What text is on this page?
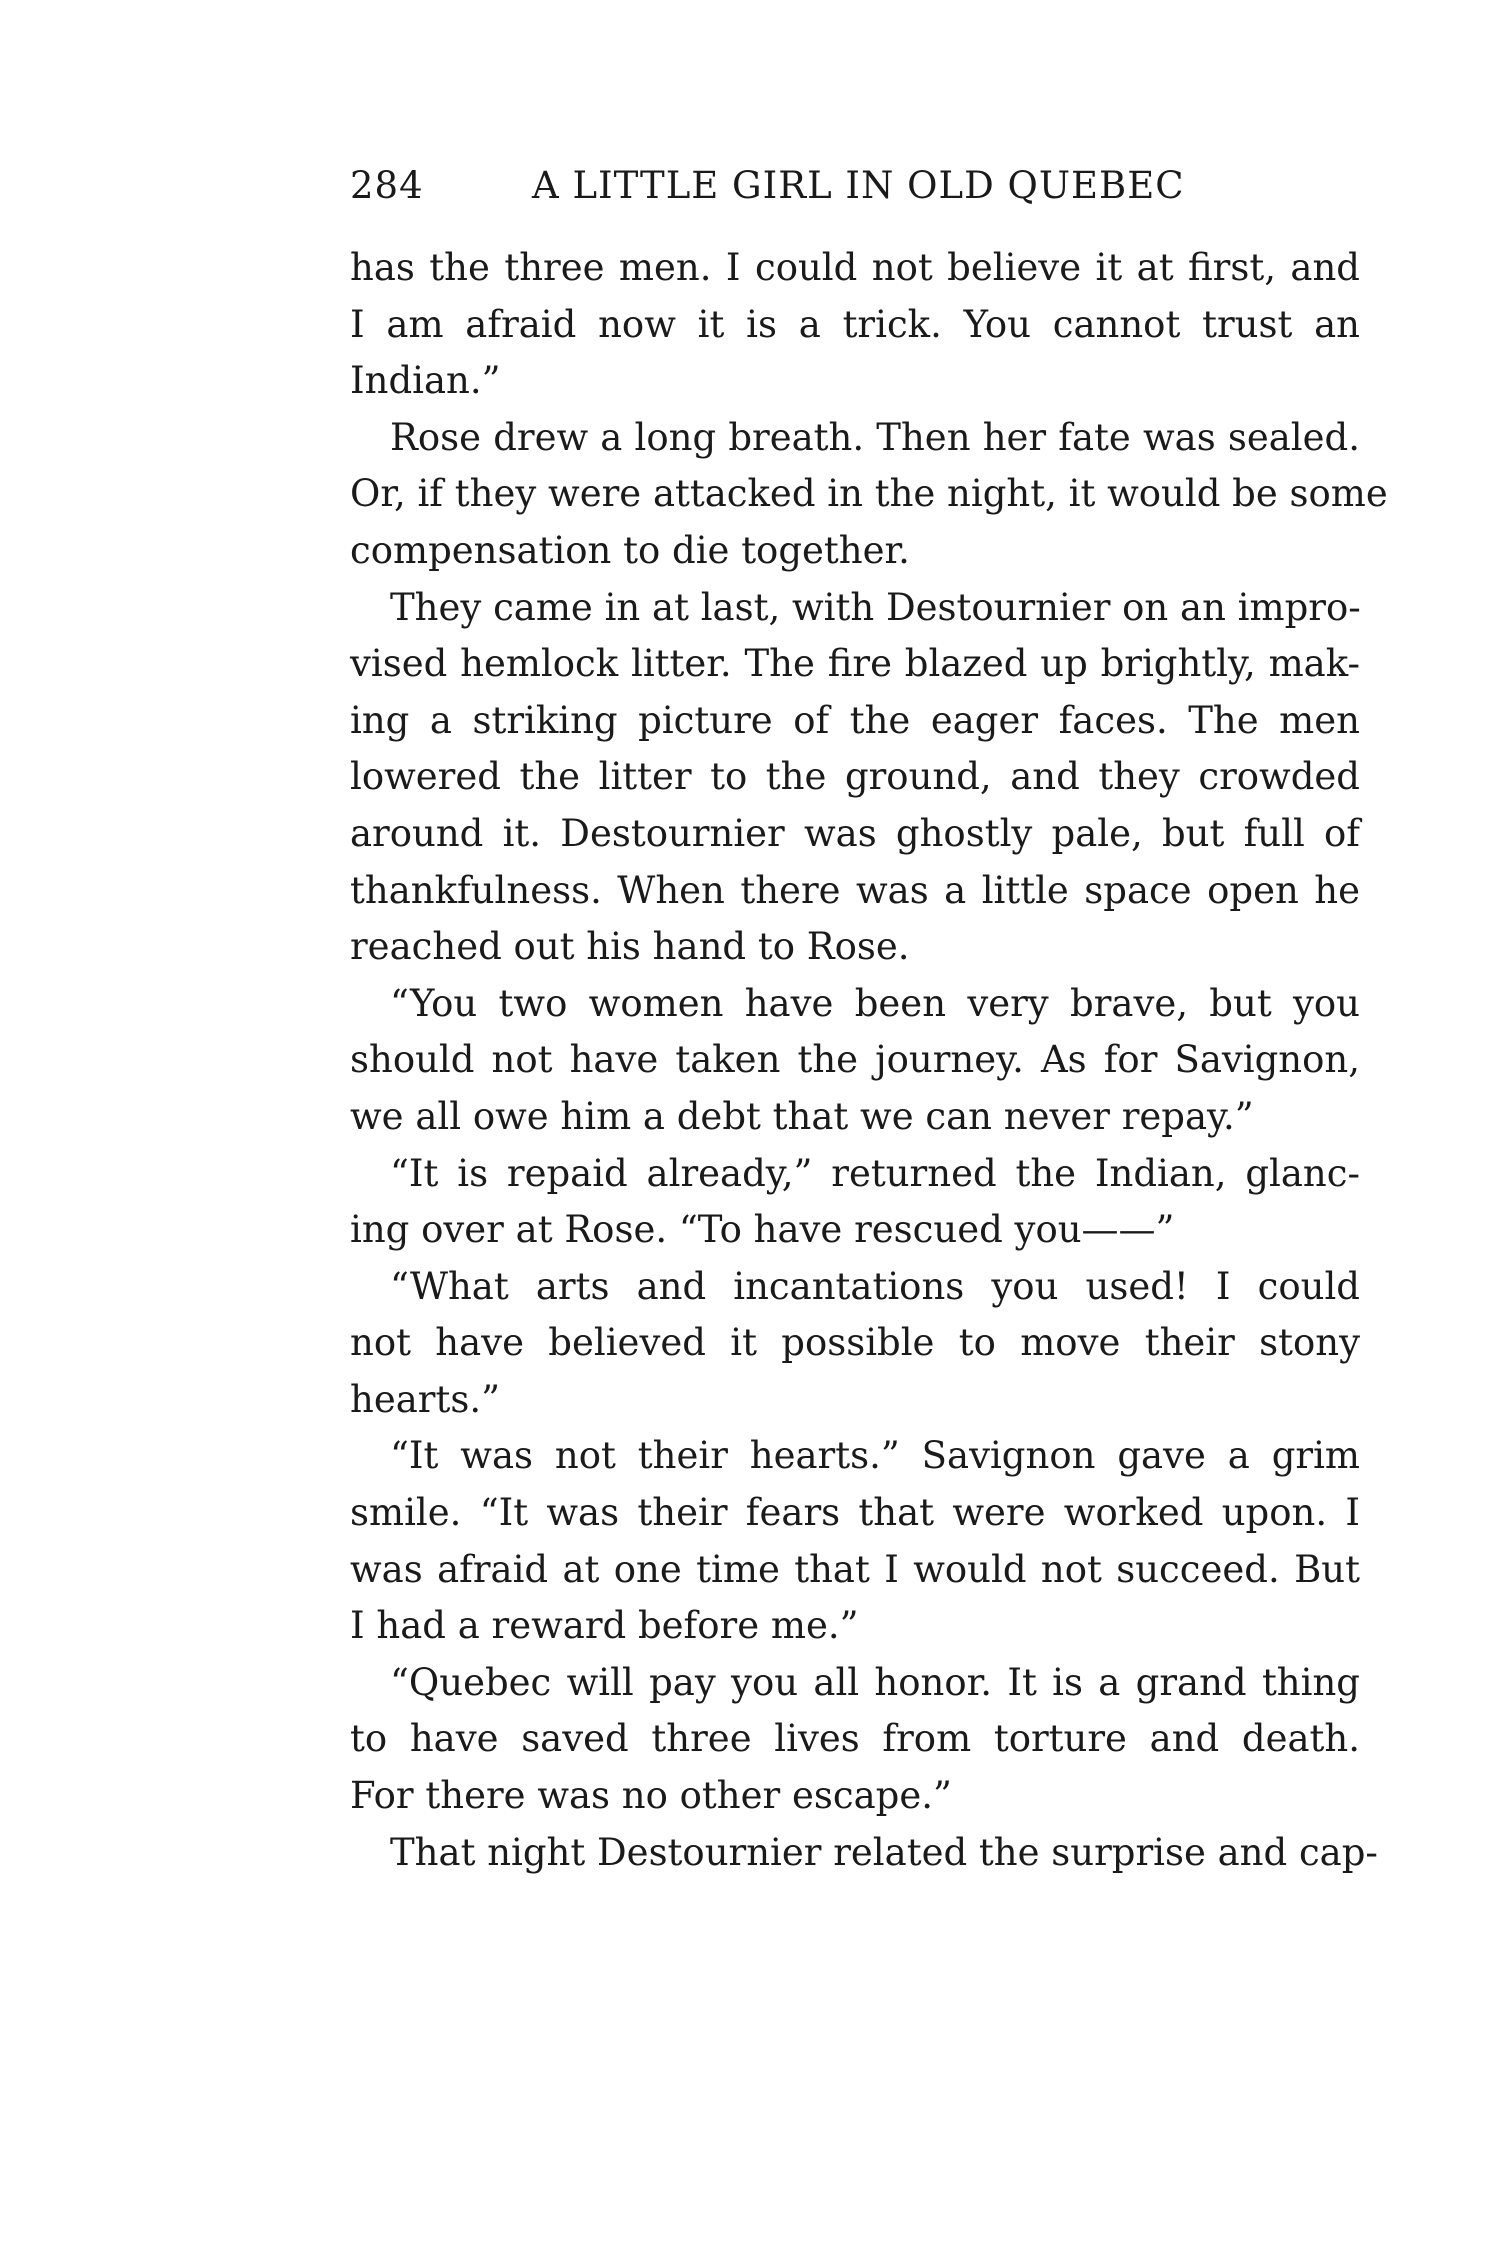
284	A LITTLE GIRL IN OLD QUEBEC
has the three men. I could not believe it at first, and
I am afraid now it is a trick. You cannot trust an
Indian.”
Rose drew a long breath. Then her fate was sealed.
Or, if they were attacked in the night, it would be some
compensation to die together.
They came in at last, with Destournier on an impro-
vised hemlock litter. The fire blazed up brightly, mak-
ing a striking picture of the eager faces. The men
lowered the litter to the ground, and they crowded
around it. Destournier was ghostly pale, but full of
thankfulness. When there was a little space open he
reached out his hand to Rose.
“You two women have been very brave, but you
should not have taken the journey. As for Savignon,
we all owe him a debt that we can never repay.”
“It is repaid already,” returned the Indian, glanc-
ing over at Rose. “To have rescued you——”
“What arts and incantations you used! I could
not have believed it possible to move their stony
hearts.”
“It was not their hearts.” Savignon gave a grim
smile. “It was their fears that were worked upon. I
was afraid at one time that I would not succeed. But
I had a reward before me.”
“Quebec will pay you all honor. It is a grand thing
to have saved three lives from torture and death.
For there was no other escape.”
That night Destournier related the surprise and cap-
